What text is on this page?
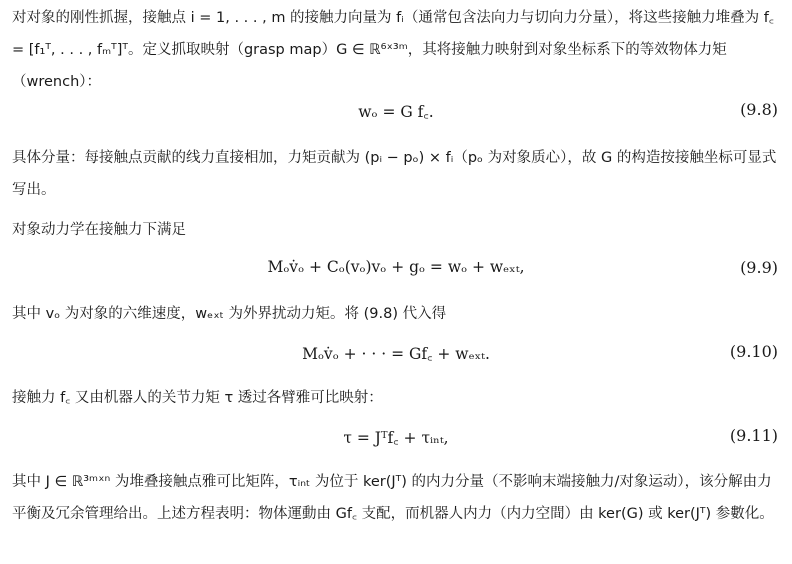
对对象的刚性抓握，接触点 i = 1, . . . , m 的接触力向量为 fᵢ（通常包含法向力与切向力分量），将这些接触力堆叠为 f꜀ = [f₁ᵀ, . . . , fₘᵀ]ᵀ。定义抓取映射（grasp map）G ∈ ℝ⁶ˣ³ᵐ，其将接触力映射到对象坐标系下的等效物体力矩（wrench）：
wₒ = G f꜀.	(9.8)
具体分量：每接触点贡献的线力直接相加，力矩贡献为 (pᵢ − pₒ) × fᵢ（pₒ 为对象质心），故 G 的构造按接触坐标可显式写出。
对象动力学在接触力下满足
Mₒv̇ₒ + Cₒ(vₒ)vₒ + gₒ = wₒ + wₑₓₜ,	(9.9)
其中 vₒ 为对象的六维速度，wₑₓₜ 为外界扰动力矩。将 (9.8) 代入得
Mₒv̇ₒ + · · · = Gf꜀ + wₑₓₜ.	(9.10)
接触力 f꜀ 又由机器人的关节力矩 τ 透过各臂雅可比映射：
τ = Jᵀf꜀ + τᵢₙₜ,	(9.11)
其中 J ∈ ℝ³ᵐˣⁿ 为堆叠接触点雅可比矩阵，τᵢₙₜ 为位于 ker(Jᵀ) 的内力分量（不影响末端接触力/对象运动），该分解由力平衡及冗余管理给出。上述方程表明：物体運動由 Gf꜀ 支配，而机器人内力（内力空間）由 ker(G) 或 ker(Jᵀ) 参數化。
